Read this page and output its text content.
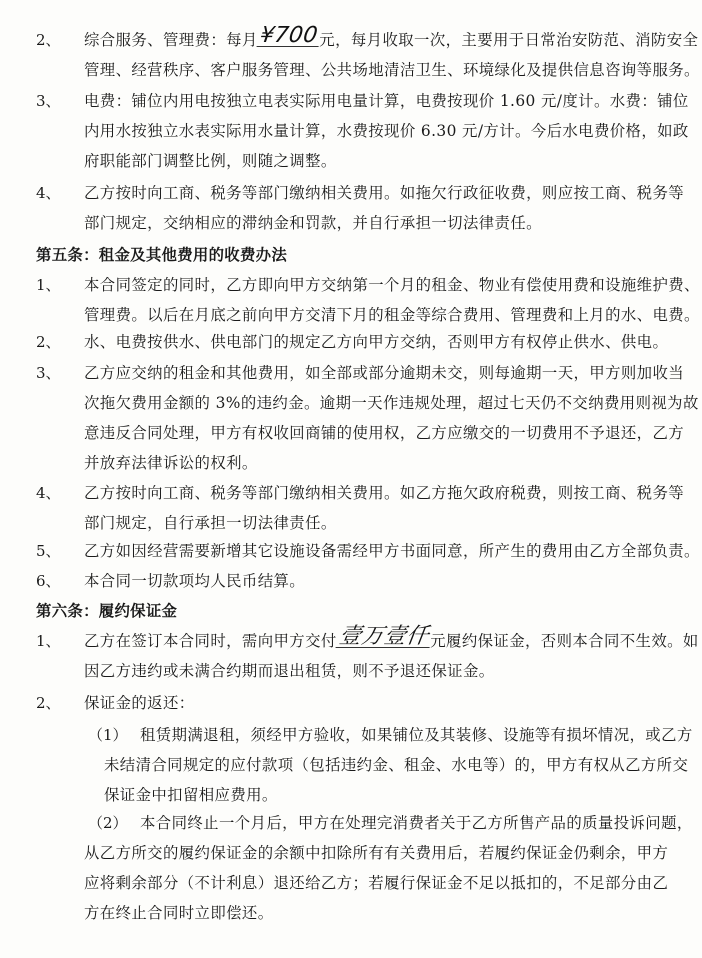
2、 综合服务、管理费：每月¥700元，每月收取一次，主要用于日常治安防范、消防安全
管理、经营秩序、客户服务管理、公共场地清洁卫生、环境绿化及提供信息咨询等服务。
3、 电费：铺位内用电按独立电表实际用电量计算，电费按现价 1.60 元/度计。水费：铺位
内用水按独立水表实际用水量计算，水费按现价 6.30 元/方计。今后水电费价格，如政
府职能部门调整比例，则随之调整。
4、 乙方按时向工商、税务等部门缴纳相关费用。如拖欠行政征收费，则应按工商、税务等
部门规定，交纳相应的滞纳金和罚款，并自行承担一切法律责任。
第五条：租金及其他费用的收费办法
1、 本合同签定的同时，乙方即向甲方交纳第一个月的租金、物业有偿使用费和设施维护费、
管理费。以后在月底之前向甲方交清下月的租金等综合费用、管理费和上月的水、电费。
2、 水、电费按供水、供电部门的规定乙方向甲方交纳，否则甲方有权停止供水、供电。
3、 乙方应交纳的租金和其他费用，如全部或部分逾期未交，则每逾期一天，甲方则加收当
次拖欠费用金额的 3%的违约金。逾期一天作违规处理，超过七天仍不交纳费用则视为故
意违反合同处理，甲方有权收回商铺的使用权，乙方应缴交的一切费用不予退还，乙方
并放弃法律诉讼的权利。
4、 乙方按时向工商、税务等部门缴纳相关费用。如乙方拖欠政府税费，则按工商、税务等
部门规定，自行承担一切法律责任。
5、 乙方如因经营需要新增其它设施设备需经甲方书面同意，所产生的费用由乙方全部负责。
6、 本合同一切款项均人民币结算。
第六条：履约保证金
1、 乙方在签订本合同时，需向甲方交付壹万壹仟元履约保证金，否则本合同不生效。如
因乙方违约或未满合约期而退出租赁，则不予退还保证金。
2、 保证金的返还：
（1） 租赁期满退租，须经甲方验收，如果铺位及其装修、设施等有损坏情况，或乙方
未结清合同规定的应付款项（包括违约金、租金、水电等）的，甲方有权从乙方所交
保证金中扣留相应费用。
（2） 本合同终止一个月后，甲方在处理完消费者关于乙方所售产品的质量投诉问题，
从乙方所交的履约保证金的余额中扣除所有有关费用后，若履约保证金仍剩余，甲方
应将剩余部分（不计利息）退还给乙方；若履行保证金不足以抵扣的，不足部分由乙
方在终止合同时立即偿还。
